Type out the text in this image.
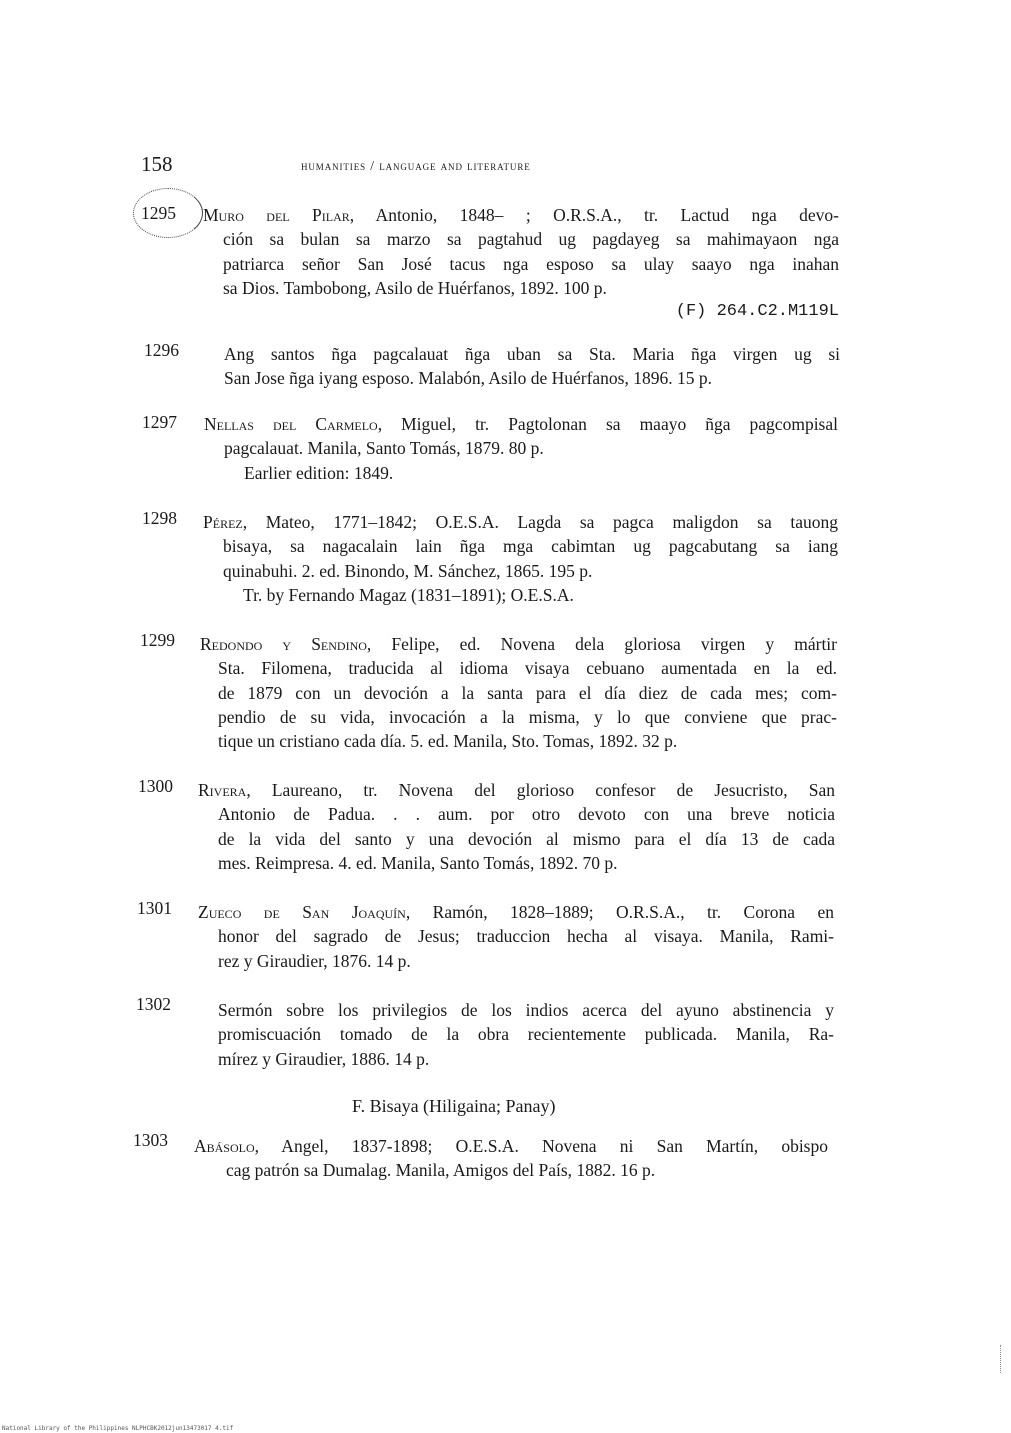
158	humanities / language and literature
1295 Muro del Pilar, Antonio, 1848– ; O.R.S.A., tr. Lactud nga devo-
ción sa bulan sa marzo sa pagtahud ug pagdayeg sa mahimayaon nga
patriarca señor San José tacus nga esposo sa ulay saayo nga inahan
sa Dios. Tambobong, Asilo de Huérfanos, 1892. 100 p.
(F) 264.C2.M119L
1296	Ang santos ñga pagcalauat ñga uban sa Sta. Maria ñga virgen ug si
San Jose ñga iyang esposo. Malabón, Asilo de Huérfanos, 1896. 15 p.
1297 Nellas del Carmelo, Miguel, tr. Pagtolonan sa maayo ñga pagcompisal
pagcalauat. Manila, Santo Tomás, 1879. 80 p.
Earlier edition: 1849.
1298 Pérez, Mateo, 1771–1842; O.E.S.A. Lagda sa pagca maligdon sa tauong
bisaya, sa nagacalain lain ñga mga cabimtan ug pagcabutang sa iang
quinabuhi. 2. ed. Binondo, M. Sánchez, 1865. 195 p.
Tr. by Fernando Magaz (1831–1891); O.E.S.A.
1299 Redondo y Sendino, Felipe, ed. Novena dela gloriosa virgen y mártir
Sta. Filomena, traducida al idioma visaya cebuano aumentada en la ed.
de 1879 con un devoción a la santa para el día diez de cada mes; com-
pendio de su vida, invocación a la misma, y lo que conviene que prac-
tique un cristiano cada día. 5. ed. Manila, Sto. Tomas, 1892. 32 p.
1300 Rivera, Laureano, tr. Novena del glorioso confesor de Jesucristo, San
Antonio de Padua. . . aum. por otro devoto con una breve noticia
de la vida del santo y una devoción al mismo para el día 13 de cada
mes. Reimpresa. 4. ed. Manila, Santo Tomás, 1892. 70 p.
1301 Zueco de San Joaquín, Ramón, 1828–1889; O.R.S.A., tr. Corona en
honor del sagrado de Jesus; traduccion hecha al visaya. Manila, Rami-
rez y Giraudier, 1876. 14 p.
1302	Sermón sobre los privilegios de los indios acerca del ayuno abstinencia y
promiscuación tomado de la obra recientemente publicada. Manila, Ra-
mírez y Giraudier, 1886. 14 p.
F. Bisaya (Hiligaina; Panay)
1303 Abásolo, Angel, 1837-1898; O.E.S.A. Novena ni San Martín, obispo
cag patrón sa Dumalag. Manila, Amigos del País, 1882. 16 p.
National Library of the Philippines NLPHCBK2012jun13473017 4.tif
